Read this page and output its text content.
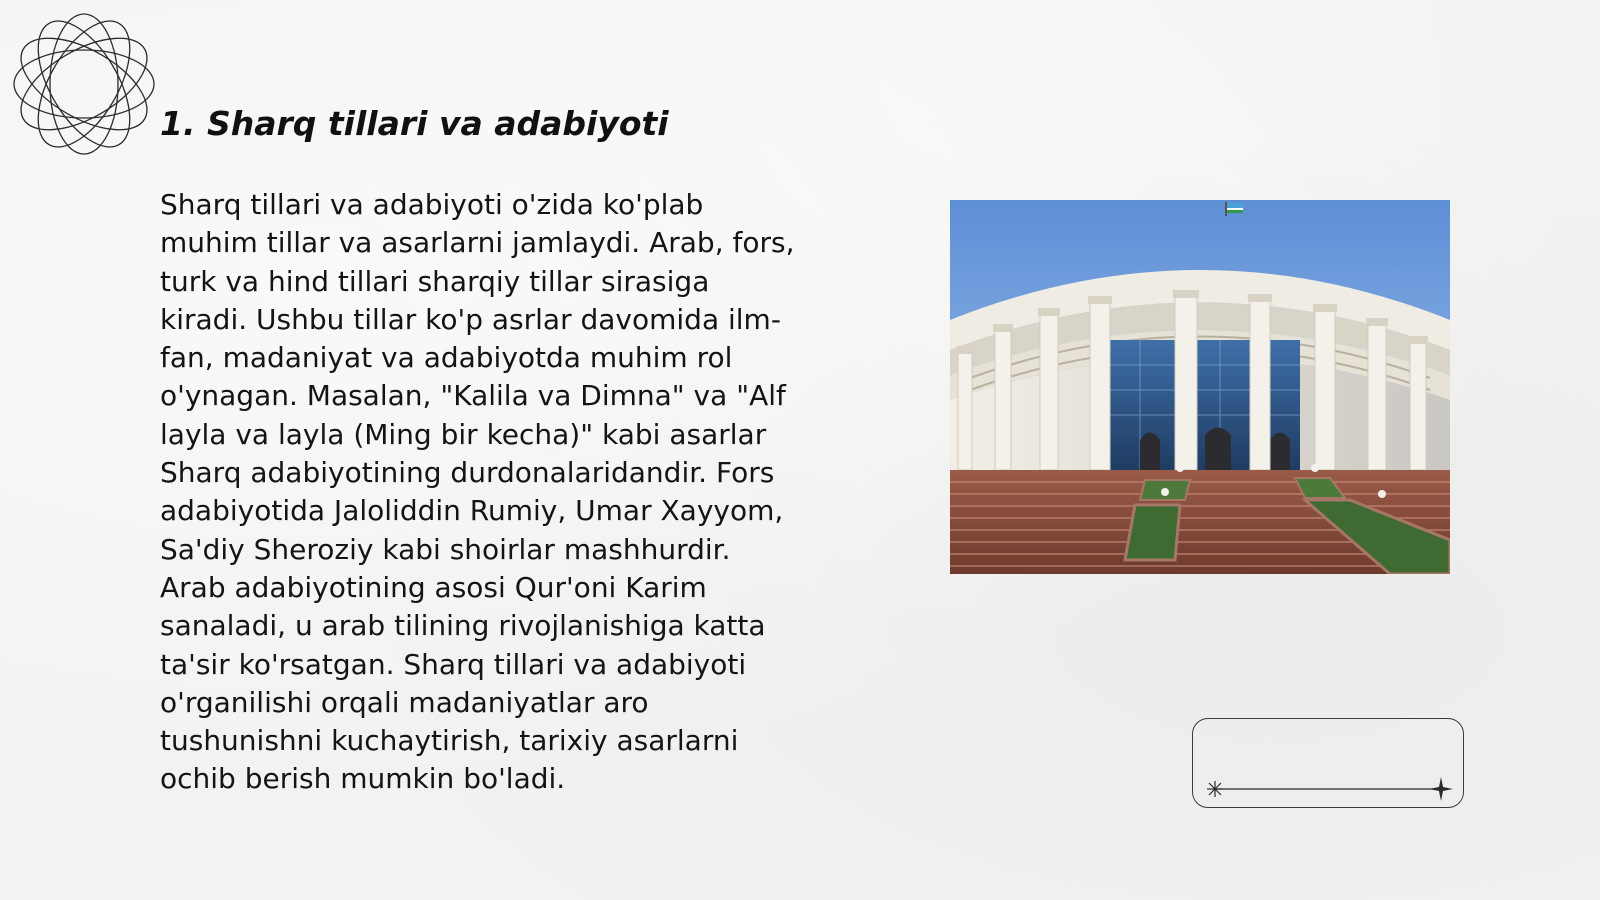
1. Sharq tillari va adabiyoti
Sharq tillari va adabiyoti o'zida ko'plab
muhim tillar va asarlarni jamlaydi. Arab, fors,
turk va hind tillari sharqiy tillar sirasiga
kiradi. Ushbu tillar ko'p asrlar davomida ilm-
fan, madaniyat va adabiyotda muhim rol
o'ynagan. Masalan, "Kalila va Dimna" va "Alf
layla va layla (Ming bir kecha)" kabi asarlar
Sharq adabiyotining durdonalaridandir. Fors
adabiyotida Jaloliddin Rumiy, Umar Xayyom,
Sa'diy Sheroziy kabi shoirlar mashhurdir.
Arab adabiyotining asosi Qur'oni Karim
sanaladi, u arab tilining rivojlanishiga katta
ta'sir ko'rsatgan. Sharq tillari va adabiyoti
o'rganilishi orqali madaniyatlar aro
tushunishni kuchaytirish, tarixiy asarlarni
ochib berish mumkin bo'ladi.
